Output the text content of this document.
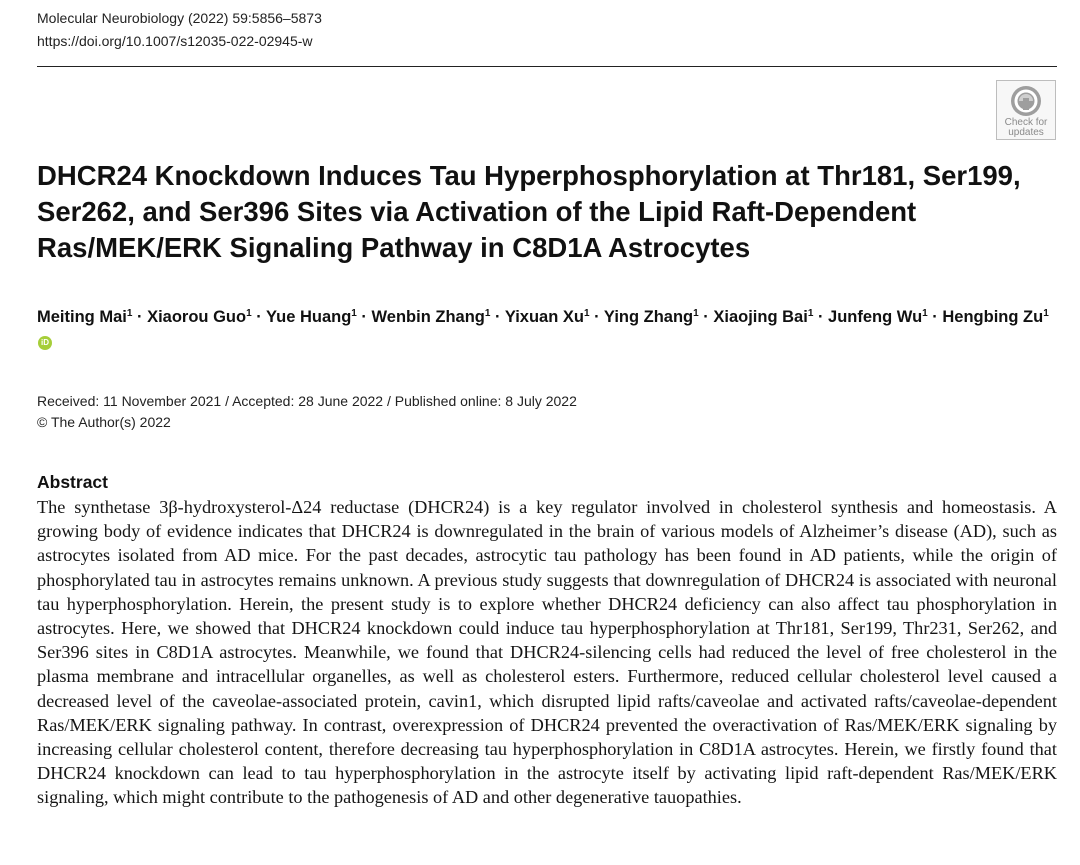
Molecular Neurobiology (2022) 59:5856–5873
https://doi.org/10.1007/s12035-022-02945-w
Check for
updates
DHCR24 Knockdown Induces Tau Hyperphosphorylation at Thr181, Ser199, Ser262, and Ser396 Sites via Activation of the Lipid Raft-Dependent Ras/MEK/ERK Signaling Pathway in C8D1A Astrocytes

Meiting Mai$^1$ · Xiaorou Guo$^1$ · Yue Huang$^1$ · Wenbin Zhang$^1$ · Yixuan $Xu^1$ · Ying Zhang$^1$ · Xiaojing Bai$^1$ · Junfeng $Wu^1$ · Hengbing Zu$^1$iD

Received: 11 November 2021 / Accepted: 28 June 2022 / Published online: 8 July 2022
© The Author(s) 2022
Abstract

The synthetase 3β-hydroxysterol-Δ24 reductase (DHCR24) is a key regulator involved in cholesterol synthesis and homeostasis. A growing body of evidence indicates that DHCR24 is downregulated in the brain of various models of Alzheimer’s disease (AD), such as astrocytes isolated from AD mice. For the past decades, astrocytic tau pathology has been found in AD patients, while the origin of phosphorylated tau in astrocytes remains unknown. A previous study suggests that downregulation of DHCR24 is associated with neuronal tau hyperphosphorylation. Herein, the present study is to explore whether DHCR24 deficiency can also affect tau phosphorylation in astrocytes. Here, we showed that DHCR24 knockdown could induce tau hyperphosphorylation at Thr181, Ser199, Thr231, Ser262, and Ser396 sites in C8D1A astrocytes. Meanwhile, we found that DHCR24-silencing cells had reduced the level of free cholesterol in the plasma membrane and intracellular organelles, as well as cholesterol esters. Furthermore, reduced cellular cholesterol level caused a decreased level of the caveolae-associated protein, cavin1, which disrupted lipid rafts/caveolae and activated rafts/caveolae-dependent Ras/MEK/​ERK signaling pathway. In contrast, overexpression of DHCR24 prevented the overactivation of Ras/MEK/ERK signaling by increasing cellular cholesterol content, therefore decreasing tau hyperphosphorylation in C8D1A astrocytes. Herein, we firstly found that DHCR24 knockdown can lead to tau hyperphosphorylation in the astrocyte itself by activating lipid raft-​dependent Ras/MEK/ERK signaling, which might contribute to the pathogenesis of AD and other degenerative tauopathies.
